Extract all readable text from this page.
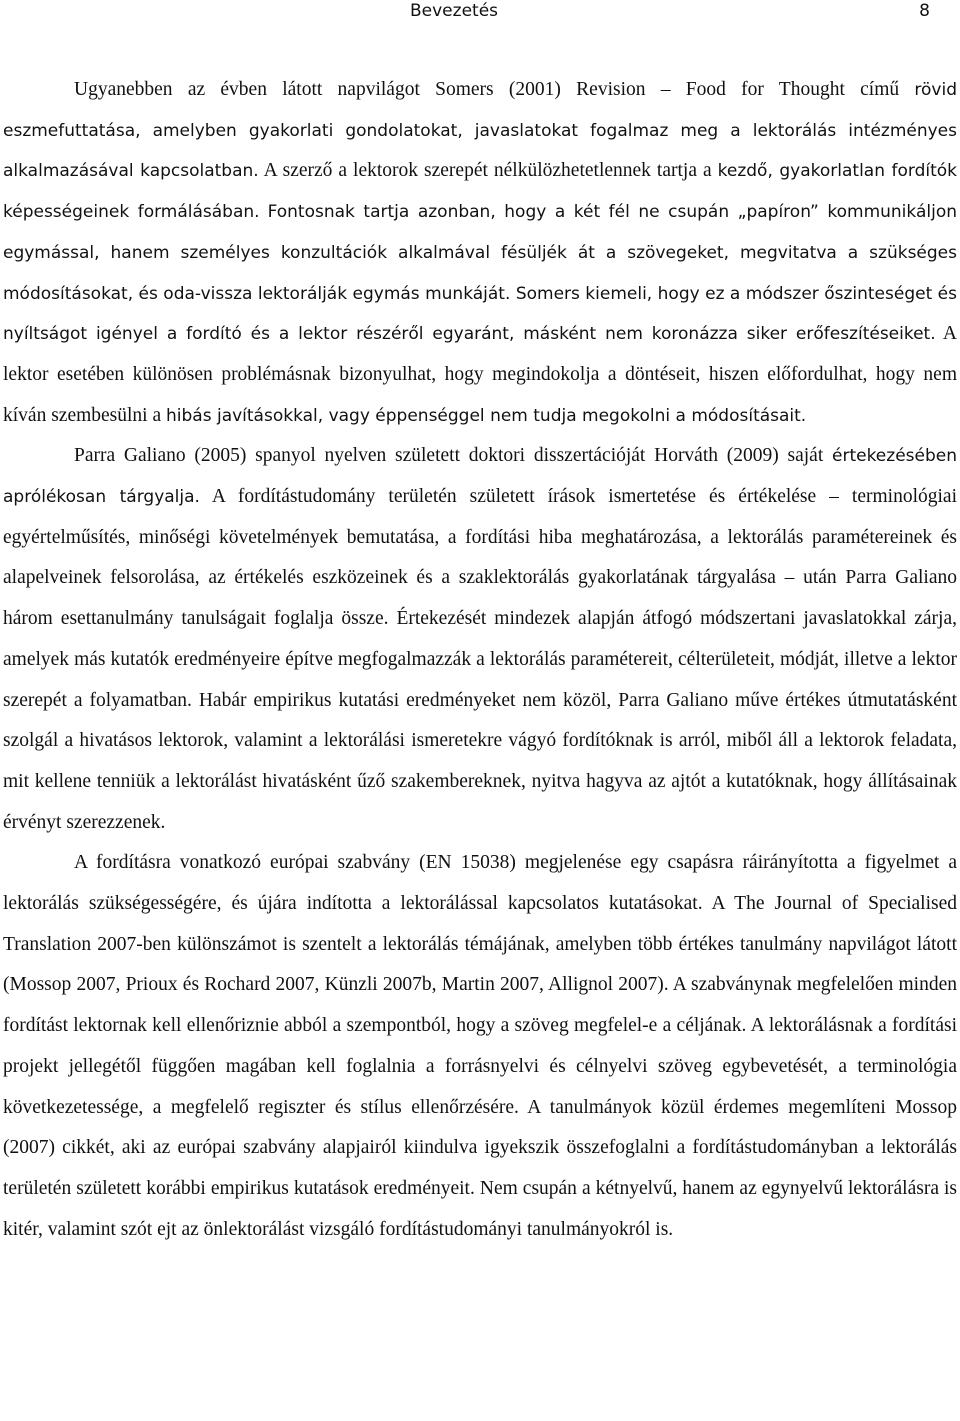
Bevezetés	8

Ugyanebben az évben látott napvilágot Somers (2001) Revision – Food for Thought című rövid eszmefuttatása, amelyben gyakorlati gondolatokat, javaslatokat fogalmaz meg a lektorálás intézményes alkalmazásával kapcsolatban. A szerző a lektorok szerepét nélkülözhetetlennek tartja a kezdő, gyakorlatlan fordítók képességeinek formálásában. Fontosnak tartja azonban, hogy a két fél ne csupán „papíron” kommunikáljon egymással, hanem személyes konzultációk alkalmával fésüljék át a szövegeket, megvitatva a szükséges módosításokat, és oda-vissza lektorálják egymás munkáját. Somers kiemeli, hogy ez a módszer őszinteséget és nyíltságot igényel a fordító és a lektor részéről egyaránt, másként nem koronázza siker erőfeszítéseiket. A lektor esetében különösen problémásnak bizonyulhat, hogy megindokolja a döntéseit, hiszen előfordulhat, hogy nem kíván szembesülni a hibás javításokkal, vagy éppenséggel nem tudja megokolni a módosításait.

Parra Galiano (2005) spanyol nyelven született doktori disszertációját Horváth (2009) saját értekezésében aprólékosan tárgyalja. A fordítástudomány területén született írások ismertetése és értékelése – terminológiai egyértelműsítés, minőségi követelmények bemutatása, a fordítási hiba meghatározása, a lektorálás paramétereinek és alapelveinek felsorolása, az értékelés eszközeinek és a szaklektorálás gyakorlatának tárgyalása – után Parra Galiano három esettanulmány tanulságait foglalja össze. Értekezését mindezek alapján átfogó módszertani javaslatokkal zárja, amelyek más kutatók eredményeire építve megfogalmazzák a lektorálás paramétereit, célterületeit, módját, illetve a lektor szerepét a folyamatban. Habár empirikus kutatási eredményeket nem közöl, Parra Galiano műve értékes útmutatásként szolgál a hivatásos lektorok, valamint a lektorálási ismeretekre vágyó fordítóknak is arról, miből áll a lektorok feladata, mit kellene tenniük a lektorálást hivatásként űző szakembereknek, nyitva hagyva az ajtót a kutatóknak, hogy állításainak érvényt szerezzenek.

A fordításra vonatkozó európai szabvány (EN 15038) megjelenése egy csapásra ráirányította a figyelmet a lektorálás szükségességére, és újára indította a lektorálással kapcsolatos kutatásokat. A The Journal of Specialised Translation 2007-ben különszámot is szentelt a lektorálás témájának, amelyben több értékes tanulmány napvilágot látott (Mossop 2007, Prioux és Rochard 2007, Künzli 2007b, Martin 2007, Allignol 2007). A szabványnak megfelelően minden fordítást lektornak kell ellenőriznie abból a szempontból, hogy a szöveg megfelel-e a céljának. A lektorálásnak a fordítási projekt jellegétől függően magában kell foglalnia a forrásnyelvi és célnyelvi szöveg egybevetését, a terminológia következetessége, a megfelelő regiszter és stílus ellenőrzésére. A tanulmányok közül érdemes megemlíteni Mossop (2007) cikkét, aki az európai szabvány alapjairól kiindulva igyekszik összefoglalni a fordítástudományban a lektorálás területén született korábbi empirikus kutatások eredményeit. Nem csupán a kétnyelvű, hanem az egynyelvű lektorálásra is kitér, valamint szót ejt az önlektorálást vizsgáló fordítástudományi tanulmányokról is.
